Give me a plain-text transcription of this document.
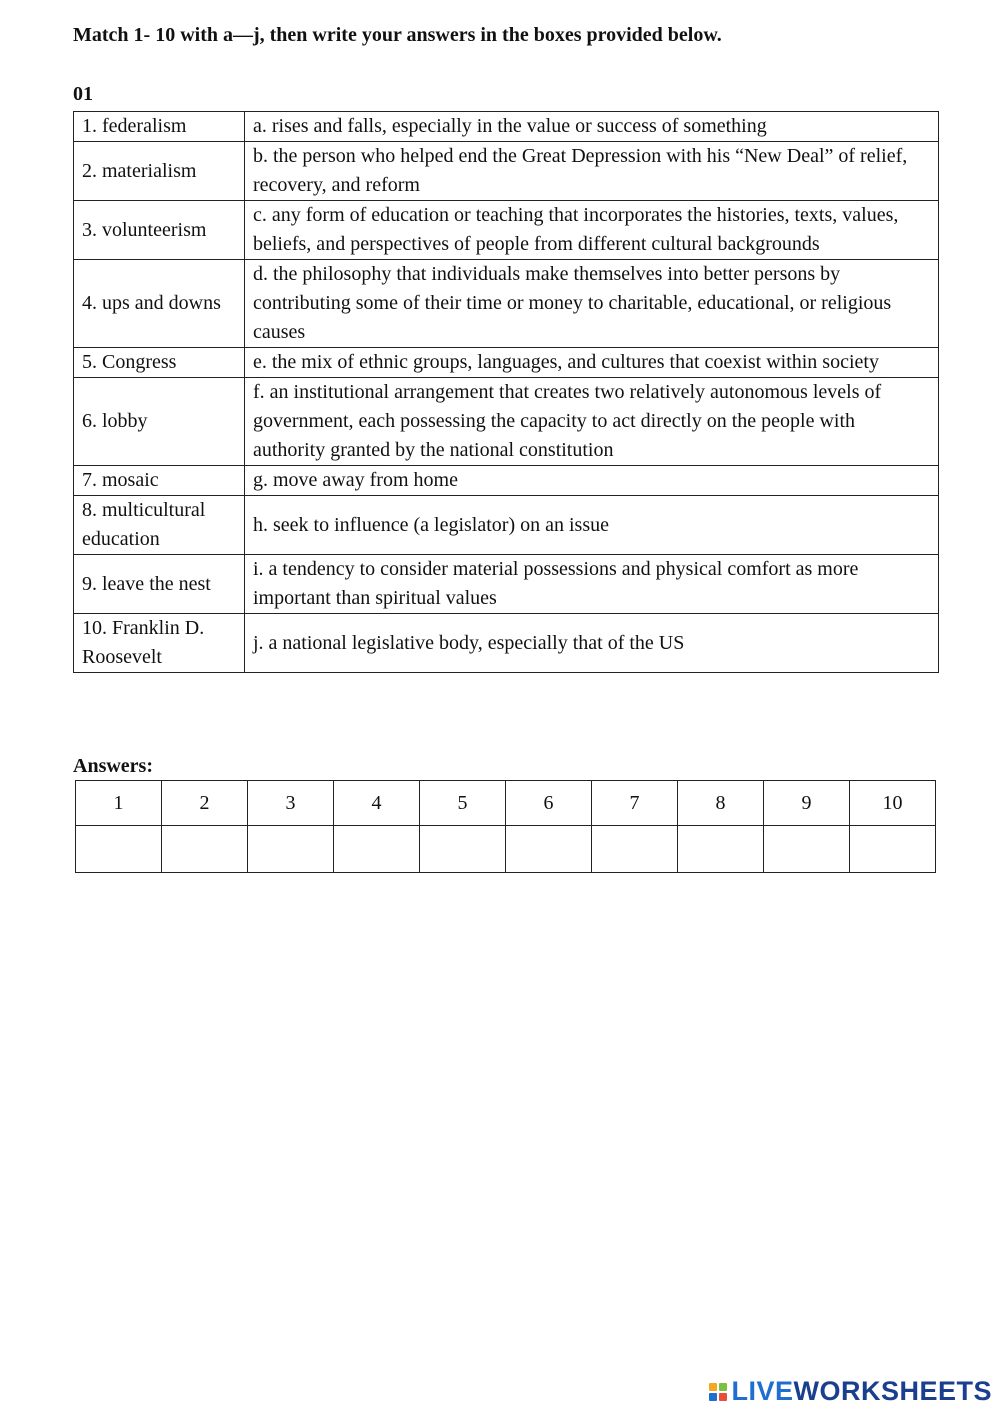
Match 1- 10 with a—j, then write your answers in the boxes provided below.

01

1. federalism	a. rises and falls, especially in the value or success of something
2. materialism	b. the person who helped end the Great Depression with his “New Deal” of relief, recovery, and reform
3. volunteerism	c. any form of education or teaching that incorporates the histories, texts, values, beliefs, and perspectives of people from different cultural backgrounds
4. ups and downs	d. the philosophy that individuals make themselves into better persons by contributing some of their time or money to charitable, educational, or religious causes
5. Congress	e. the mix of ethnic groups, languages, and cultures that coexist within society
6. lobby	f. an institutional arrangement that creates two relatively autonomous levels of government, each possessing the capacity to act directly on the people with authority granted by the national constitution
7. mosaic	g. move away from home
8. multicultural education	h. seek to influence (a legislator) on an issue
9. leave the nest	i. a tendency to consider material possessions and physical comfort as more important than spiritual values
10. Franklin D. Roosevelt	j. a national legislative body, especially that of the US

Answers:

1	2	3	4	5	6	7	8	9	10

LIVE WORKSHEETS
